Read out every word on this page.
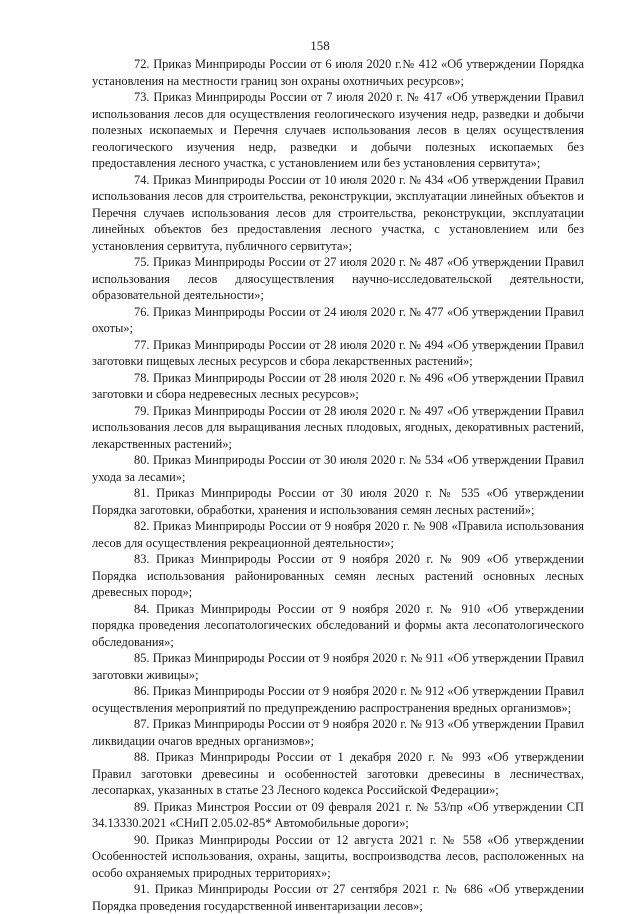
158

72. Приказ Минприроды России от 6 июля 2020 г.№ 412 «Об утверждении Порядка установления на местности границ зон охраны охотничьих ресурсов»;

73. Приказ Минприроды России от 7 июля 2020 г. № 417 «Об утверждении Правил использования лесов для осуществления геологического изучения недр, разведки и добычи полезных ископаемых и Перечня случаев использования лесов в целях осуществления геологического изучения недр, разведки и добычи полезных ископаемых без предоставления лесного участка, с установлением или без установления сервитута»;

74. Приказ Минприроды России от 10 июля 2020 г. № 434 «Об утверждении Правил использования лесов для строительства, реконструкции, эксплуатации линейных объектов и Перечня случаев использования лесов для строительства, реконструкции, эксплуатации линейных объектов без предоставления лесного участка, с установлением или без установления сервитута, публичного сервитута»;

75. Приказ Минприроды России от 27 июля 2020 г. № 487 «Об утверждении Правил использования лесов дляосуществления научно-исследовательской деятельности, образовательной деятельности»;

76. Приказ Минприроды России от 24 июля 2020 г. № 477 «Об утверждении Правил охоты»;

77. Приказ Минприроды России от 28 июля 2020 г. № 494 «Об утверждении Правил заготовки пищевых лесных ресурсов и сбора лекарственных растений»;

78. Приказ Минприроды России от 28 июля 2020 г. № 496 «Об утверждении Правил заготовки и сбора недревесных лесных ресурсов»;

79. Приказ Минприроды России от 28 июля 2020 г. № 497 «Об утверждении Правил использования лесов для выращивания лесных плодовых, ягодных, декоративных растений, лекарственных растений»;

80. Приказ Минприроды России от 30 июля 2020 г. № 534 «Об утверждении Правил ухода за лесами»;

81. Приказ Минприроды России от 30 июля 2020 г. № 535 «Об утверждении Порядка заготовки, обработки, хранения и использования семян лесных растений»;

82. Приказ Минприроды России от 9 ноября 2020 г. № 908 «Правила использования лесов для осуществления рекреационной деятельности»;

83. Приказ Минприроды России от 9 ноября 2020 г. № 909 «Об утверждении Порядка использования районированных семян лесных растений основных лесных древесных пород»;

84. Приказ Минприроды России от 9 ноября 2020 г. № 910 «Об утверждении порядка проведения лесопатологических обследований и формы акта лесопатологического обследования»;

85. Приказ Минприроды России от 9 ноября 2020 г. № 911 «Об утверждении Правил заготовки живицы»;

86. Приказ Минприроды России от 9 ноября 2020 г. № 912 «Об утверждении Правил осуществления мероприятий по предупреждению распространения вредных организмов»;

87. Приказ Минприроды России от 9 ноября 2020 г. № 913 «Об утверждении Правил ликвидации очагов вредных организмов»;

88. Приказ Минприроды России от 1 декабря 2020 г. № 993 «Об утверждении Правил заготовки древесины и особенностей заготовки древесины в лесничествах, лесопарках, указанных в статье 23 Лесного кодекса Российской Федерации»;

89. Приказ Минстроя России от 09 февраля 2021 г. № 53/пр «Об утверждении СП 34.13330.2021 «СНиП 2.05.02-85* Автомобильные дороги»;

90. Приказ Минприроды России от 12 августа 2021 г. № 558 «Об утверждении Особенностей использования, охраны, защиты, воспроизводства лесов, расположенных на особо охраняемых природных территориях»;

91. Приказ Минприроды России от 27 сентября 2021 г. № 686 «Об утверждении Порядка проведения государственной инвентаризации лесов»;
